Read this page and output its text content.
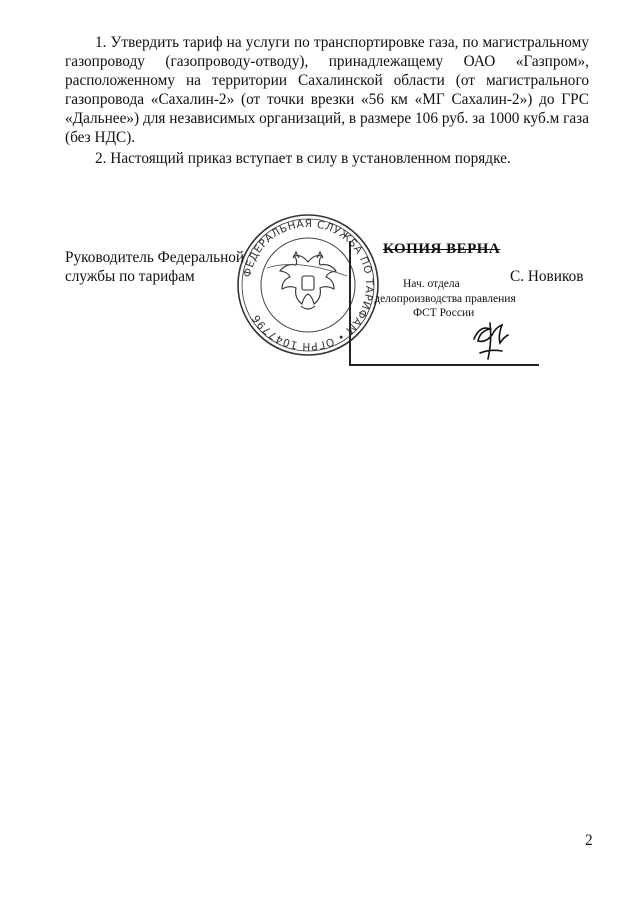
1. Утвердить тариф на услуги по транспортировке газа, по магистральному газопроводу (газопроводу-отводу), принадлежащему ОАО «Газпром», расположенному на территории Сахалинской области (от магистрального газопровода «Сахалин-2» (от точки врезки «56 км «МГ Сахалин-2») до ГРС «Дальнее») для независимых организаций, в размере 106 руб. за 1000 куб.м газа (без НДС).

2. Настоящий приказ вступает в силу в установленном порядке.

ФЕДЕРАЛЬНАЯ СЛУЖБА ПО ТАРИФАМ • ОГРН 1047796
КОПИЯ ВЕРНА
Нач. отдела
делопроизводства правления
ФСТ России
Руководитель Федеральной
службы по тарифам	С. Новиков
2
